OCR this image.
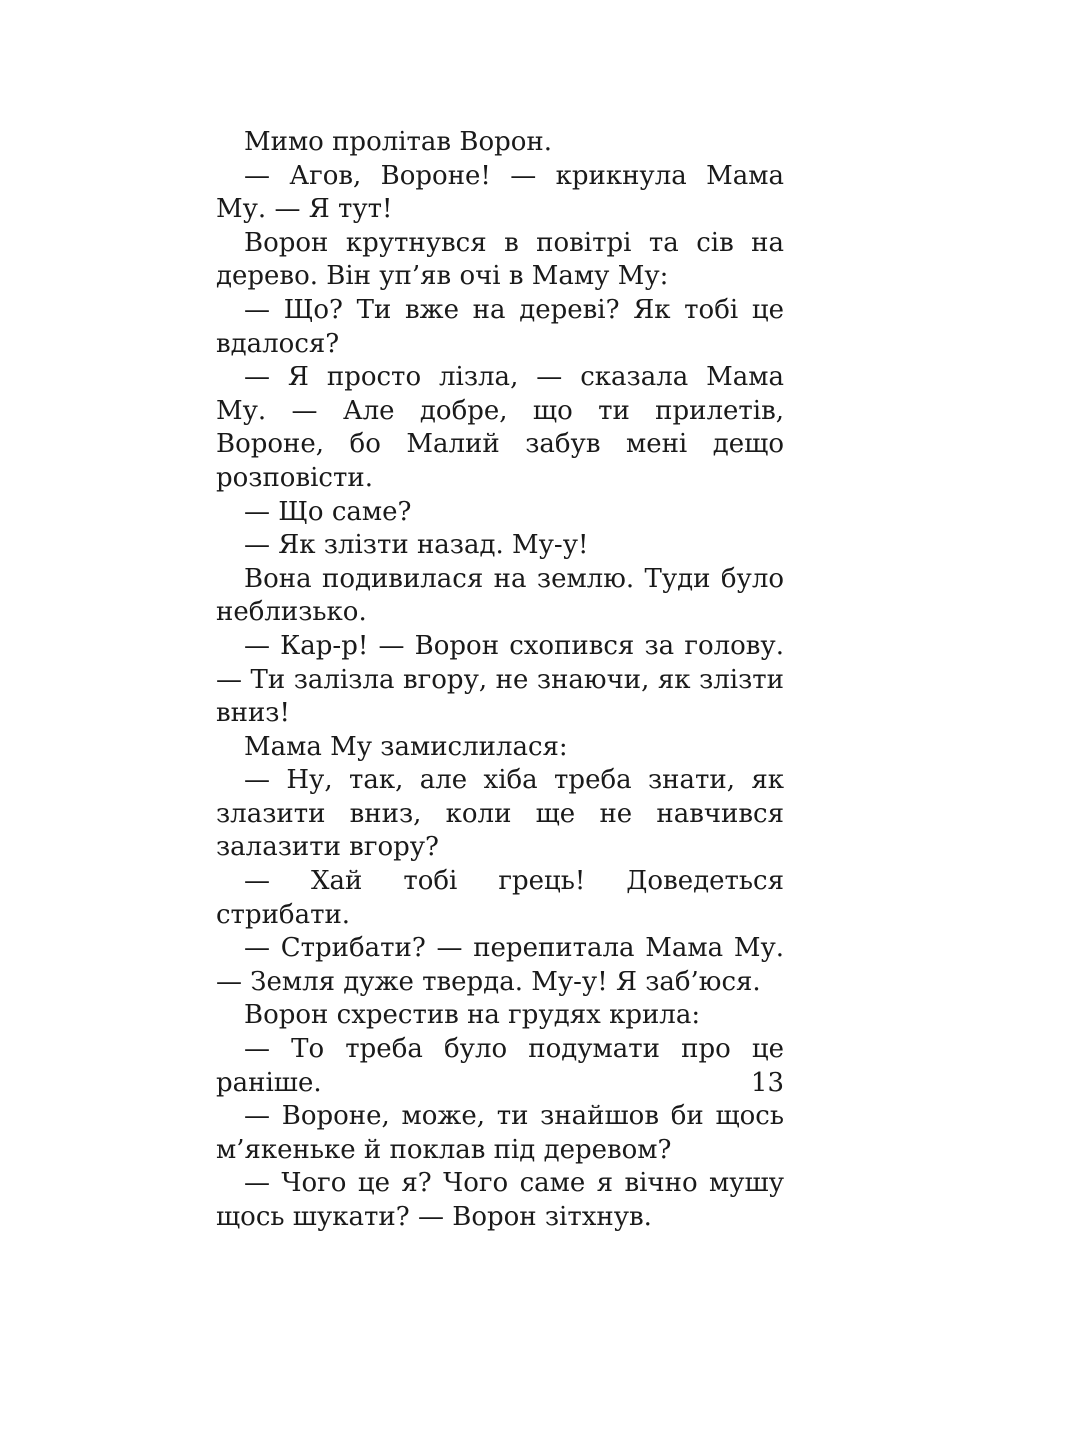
Мимо пролітав Ворон.

— Агов, Вороне! — крикнула Мама Му. — Я тут!

Ворон крутнувся в повітрі та сів на дерево. Він уп’яв очі в Маму Му:

— Що? Ти вже на дереві? Як тобі це вдалося?

— Я просто лізла, — сказала Мама Му. — Але добре, що ти прилетів, Вороне, бо Малий забув мені дещо розповісти.

— Що саме?

— Як злізти назад. Му-у!

Вона подивилася на землю. Туди було неблизько.

— Кар-р! — Ворон схопився за голову. — Ти залізла вгору, не знаючи, як злізти вниз!

Мама Му замислилася:

— Ну, так, але хіба треба знати, як злазити вниз, коли ще не навчився залазити вгору?

— Хай тобі грець! Доведеться стрибати.

— Стрибати? — перепитала Мама Му. — Земля дуже тверда. Му-у! Я заб’юся.

Ворон схрестив на грудях крила:

— То треба було подумати про це раніше.

— Вороне, може, ти знайшов би щось м’якеньке й поклав під деревом?

— Чого це я? Чого саме я вічно мушу щось шукати? — Ворон зітхнув.

13
